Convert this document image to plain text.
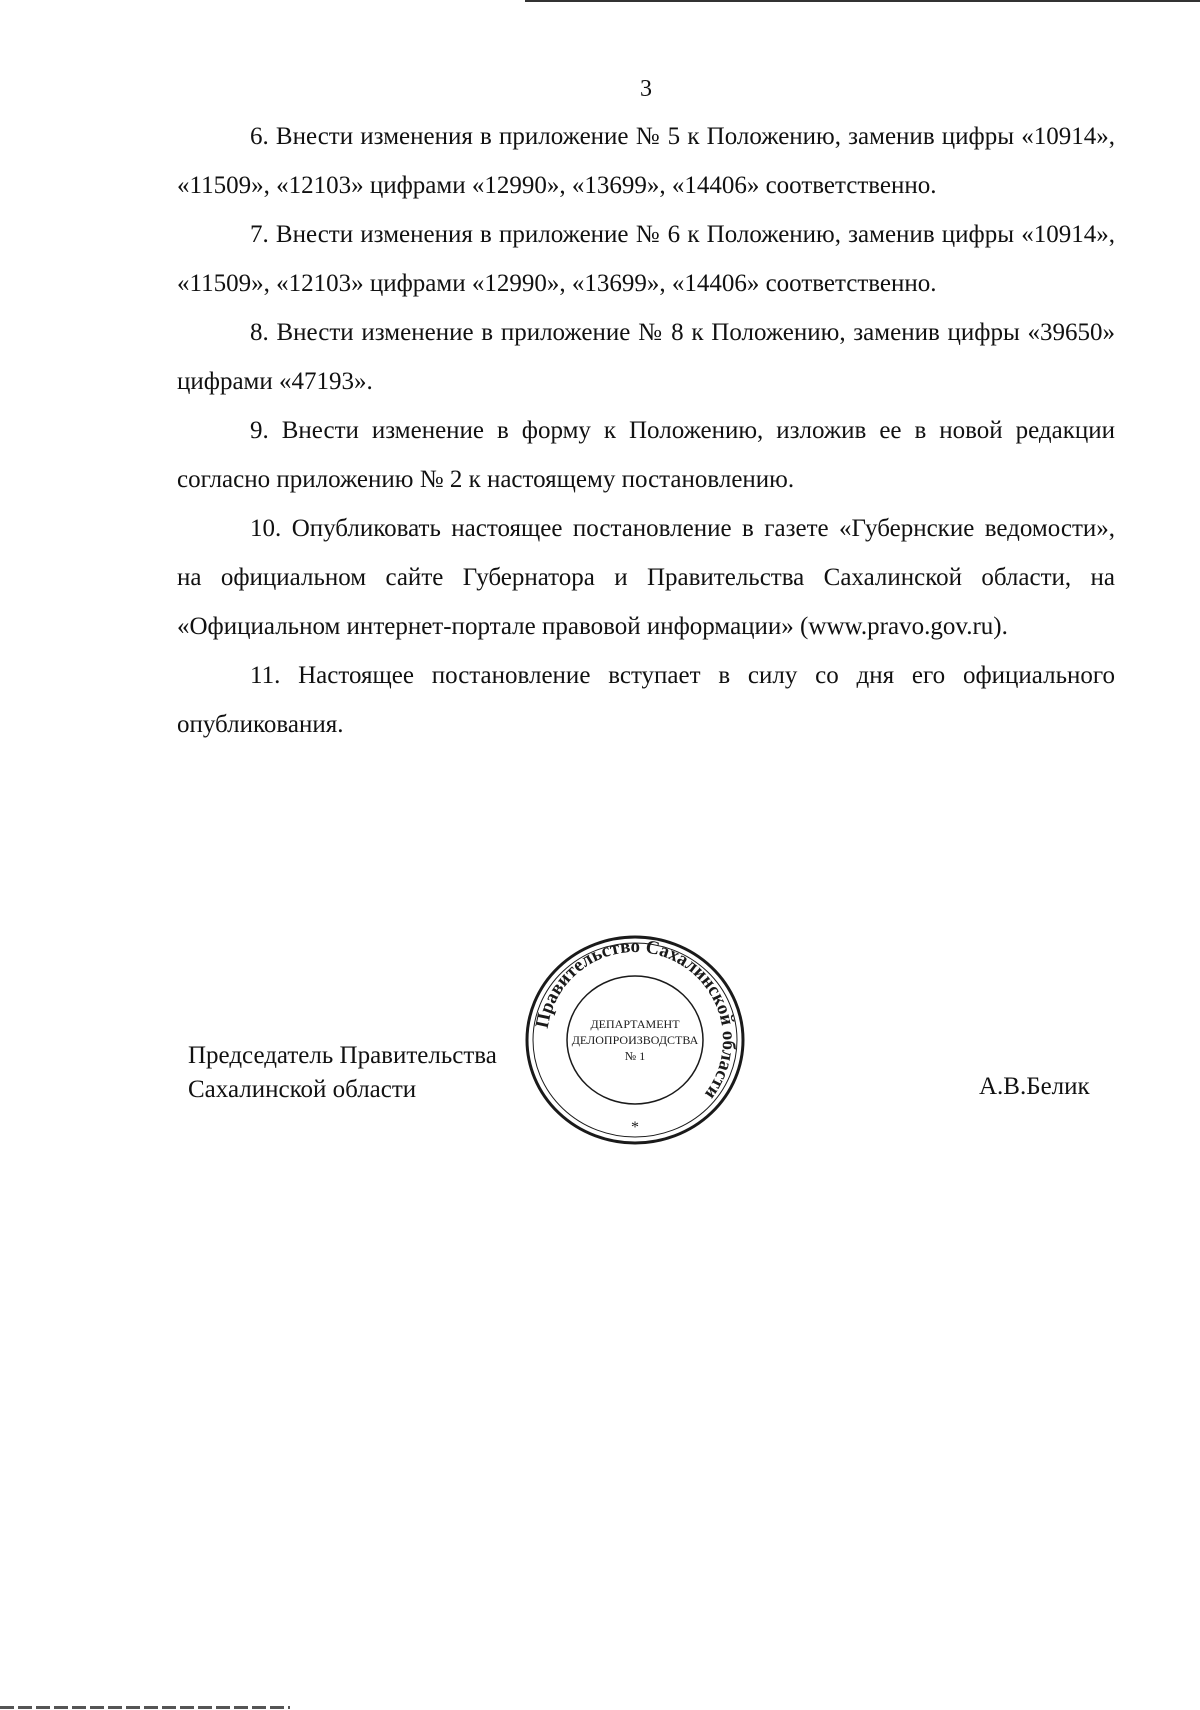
3

6. Внести изменения в приложение № 5 к Положению, заменив цифры «10914», «11509», «12103» цифрами «12990», «13699», «14406» соответственно.

7. Внести изменения в приложение № 6 к Положению, заменив цифры «10914», «11509», «12103» цифрами «12990», «13699», «14406» соответственно.

8. Внести изменение в приложение № 8 к Положению, заменив цифры «39650» цифрами «47193».

9. Внести изменение в форму к Положению, изложив ее в новой редакции согласно приложению № 2 к настоящему постановлению.

10. Опубликовать настоящее постановление в газете «Губернские ведомости», на официальном сайте Губернатора и Правительства Сахалинской области, на «Официальном интернет-портале правовой информации» (www.pravo.gov.ru).

11. Настоящее постановление вступает в силу со дня его официального опубликования.

Председатель Правительства
Сахалинской области	А.В.Белик
Правительство Сахалинской области
ДЕПАРТАМЕНТ
ДЕЛОПРОИЗВОДСТВА
№ 1
*
